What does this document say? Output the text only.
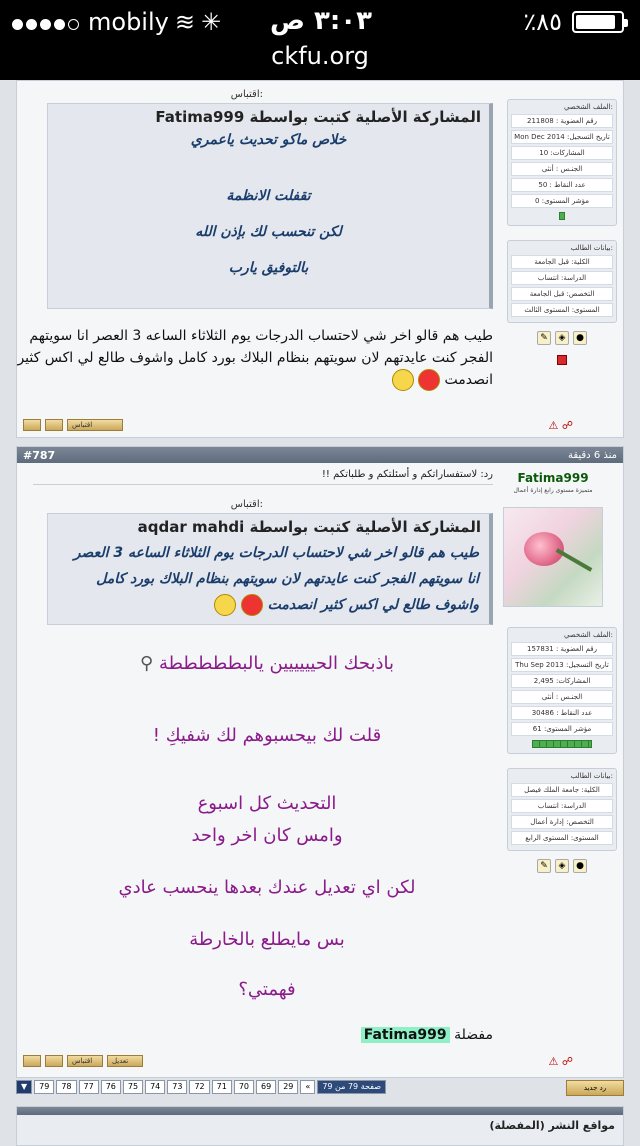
mobily ≋ ✳ ٣:٠٣ ص	٪٨٥
ckfu.org
اقتباس:
المشاركة الأصلية كتبت بواسطة Fatima999
خلاص ماكو تحديث ياعمري
تقفلت الانظمة
لكن تنحسب لك بإذن الله
بالتوفيق يارب
طيب هم قالو اخر شي لاحتساب الدرجات يوم الثلاثاء الساعه 3 العصر انا سويتهم الفجر كنت عايدتهم لان سويتهم بنظام البلاك بورد كامل واشوف طالع لي اكس كثير انصدمت
الملف الشخصي:
رقم العضوية : 211808
تاريخ التسجيل: Mon Dec 2014
المشاركات: 10
الجنـس : أنثى
عدد النقاط : 50
مؤشر المستوى: 0
بيانات الطالب:
الكلية: قبل الجامعة
الدراسة: انتساب
التخصص: قبل الجامعة
المستوى: المستوى الثالث
✎	◈	●
اقتباس	⚠ ☍
#787	منذ 6 دقيقة
رد: لاستفساراتكم و أسئلتكم و طلباتكم !!	Fatima999
متميزة مستوى رابع إدارة أعمال
الملف الشخصي:
رقم العضوية : 157831
تاريخ التسجيل: Thu Sep 2013
المشاركات: 2,495
الجنـس : أنثى
عدد النقاط : 30486
مؤشر المستوى: 61
بيانات الطالب:
الكلية: جامعة الملك فيصل
الدراسة: انتساب
التخصص: إدارة أعمال
المستوى: المستوى الرابع
✎	◈	●
اقتباس:
المشاركة الأصلية كتبت بواسطة aqdar mahdi
طيب هم قالو اخر شي لاحتساب الدرجات يوم الثلاثاء الساعه 3 العصر انا سويتهم الفجر كنت عايدتهم لان سويتهم بنظام البلاك بورد كامل واشوف طالع لي اكس كثير انصدمت
باذبحك الحيييييين يالبطططططة ⚲
قلت لك بيحسبوهم لك شفيكِ !
التحديث كل اسبوع
وامس كان اخر واحد
لكن اي تعديل عندك بعدها ينحسب عادي
بس مايطلع بالخارطة
فهمتي؟
مفضلة Fatima999
اقتباس	تعديل	⚠ ☍
▼	79	78	77	76	75	74	73	72	71	70	69	29	«	صفحة 79 من 79	رد جديد
مواقع النشر (المفضلة)
